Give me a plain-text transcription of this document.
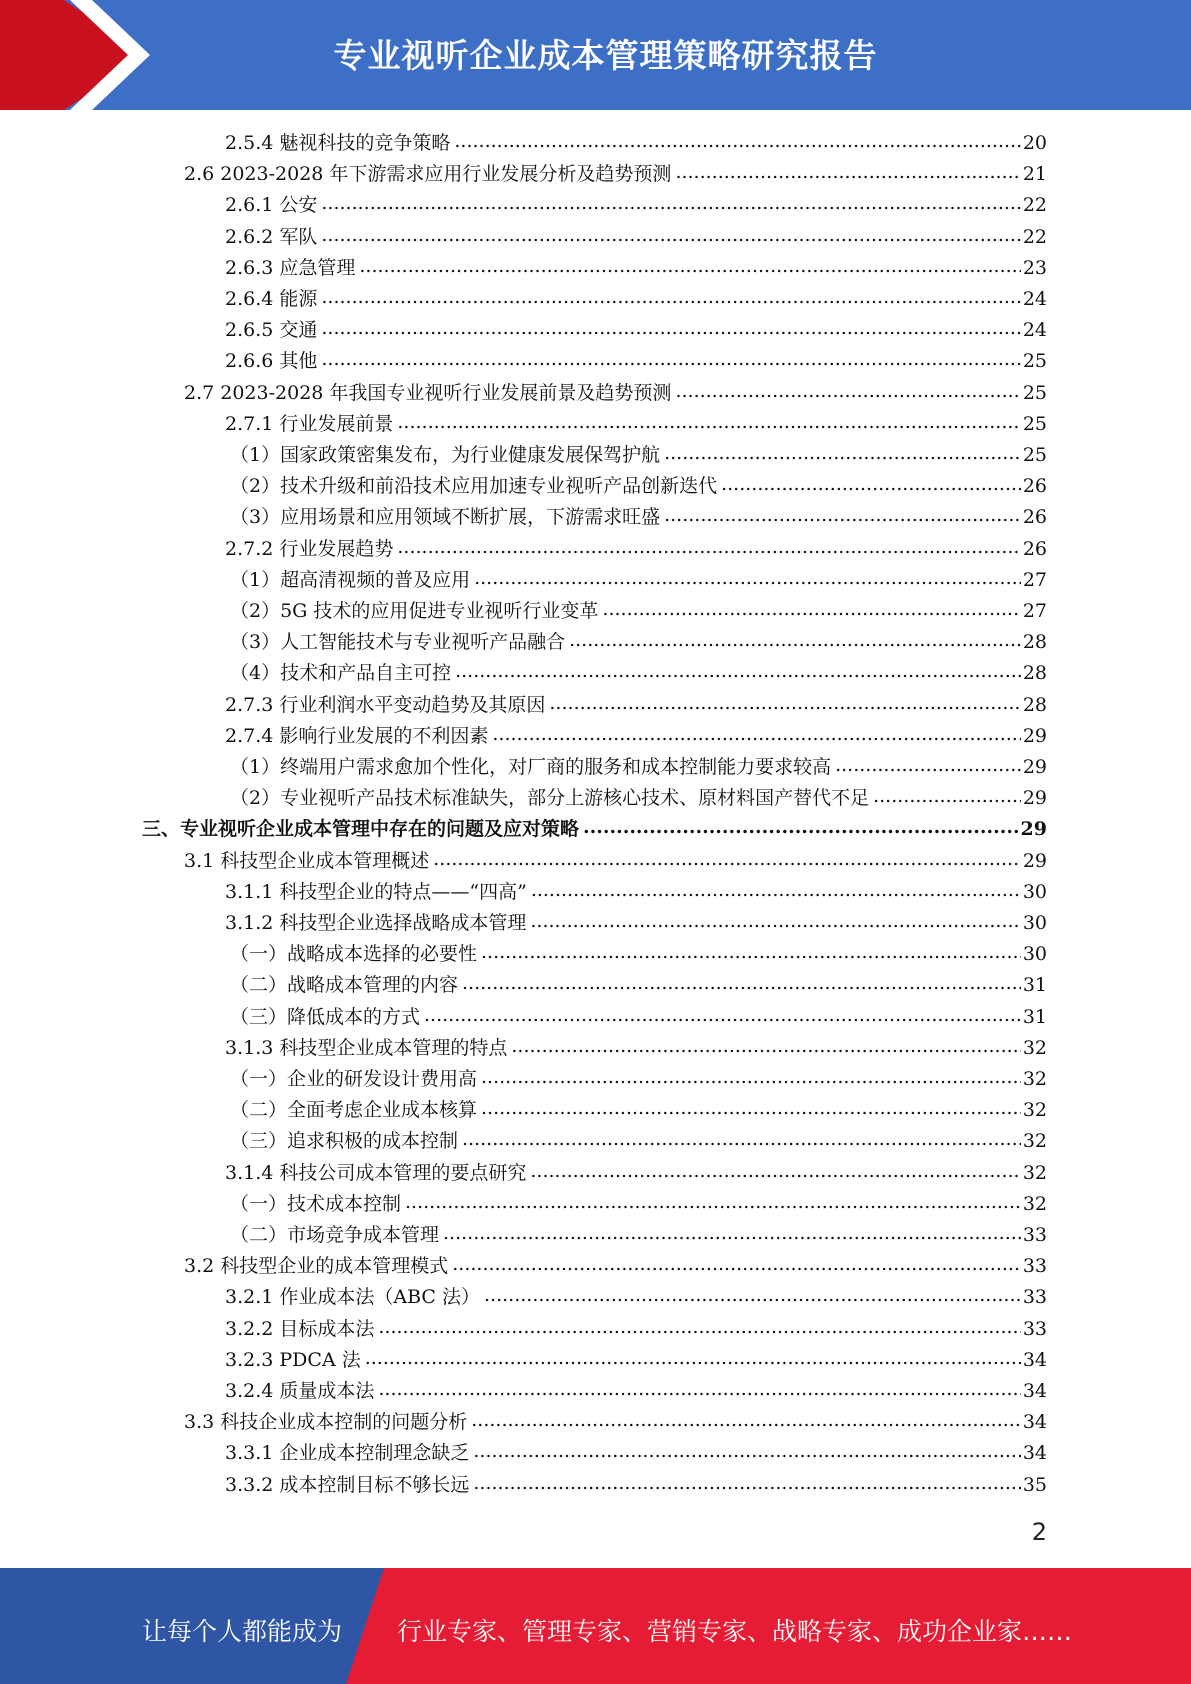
专业视听企业成本管理策略研究报告
2.5.4 魅视科技的竞争策略 .....	20
2.6 2023-2028 年下游需求应用行业发展分析及趋势预测 .....	21
2.6.1 公安 .....	22
2.6.2 军队 .....	22
2.6.3 应急管理 .....	23
2.6.4 能源 .....	24
2.6.5 交通 .....	24
2.6.6 其他 .....	25
2.7 2023-2028 年我国专业视听行业发展前景及趋势预测 .....	25
2.7.1 行业发展前景 .....	25
（1）国家政策密集发布，为行业健康发展保驾护航 .....	25
（2）技术升级和前沿技术应用加速专业视听产品创新迭代 .....	26
（3）应用场景和应用领域不断扩展，下游需求旺盛 .....	26
2.7.2 行业发展趋势 .....	26
（1）超高清视频的普及应用 .....	27
（2）5G 技术的应用促进专业视听行业变革 .....	27
（3）人工智能技术与专业视听产品融合 .....	28
（4）技术和产品自主可控 .....	28
2.7.3 行业利润水平变动趋势及其原因 .....	28
2.7.4 影响行业发展的不利因素 .....	29
（1）终端用户需求愈加个性化，对厂商的服务和成本控制能力要求较高 .....	29
（2）专业视听产品技术标准缺失，部分上游核心技术、原材料国产替代不足 .....	29
三、专业视听企业成本管理中存在的问题及应对策略 .....	29
3.1 科技型企业成本管理概述 .....	29
3.1.1 科技型企业的特点——“四高” .....	30
3.1.2 科技型企业选择战略成本管理 .....	30
（一）战略成本选择的必要性 .....	30
（二）战略成本管理的内容 .....	31
（三）降低成本的方式 .....	31
3.1.3 科技型企业成本管理的特点 .....	32
（一）企业的研发设计费用高 .....	32
（二）全面考虑企业成本核算 .....	32
（三）追求积极的成本控制 .....	32
3.1.4 科技公司成本管理的要点研究 .....	32
（一）技术成本控制 .....	32
（二）市场竞争成本管理 .....	33
3.2 科技型企业的成本管理模式 .....	33
3.2.1 作业成本法（ABC 法） .....	33
3.2.2 目标成本法 .....	33
3.2.3 PDCA 法 .....	34
3.2.4 质量成本法 .....	34
3.3 科技企业成本控制的问题分析 .....	34
3.3.1 企业成本控制理念缺乏 .....	34
3.3.2 成本控制目标不够长远 .....	35
2
让每个人都能成为 行业专家、管理专家、营销专家、战略专家、成功企业家……
